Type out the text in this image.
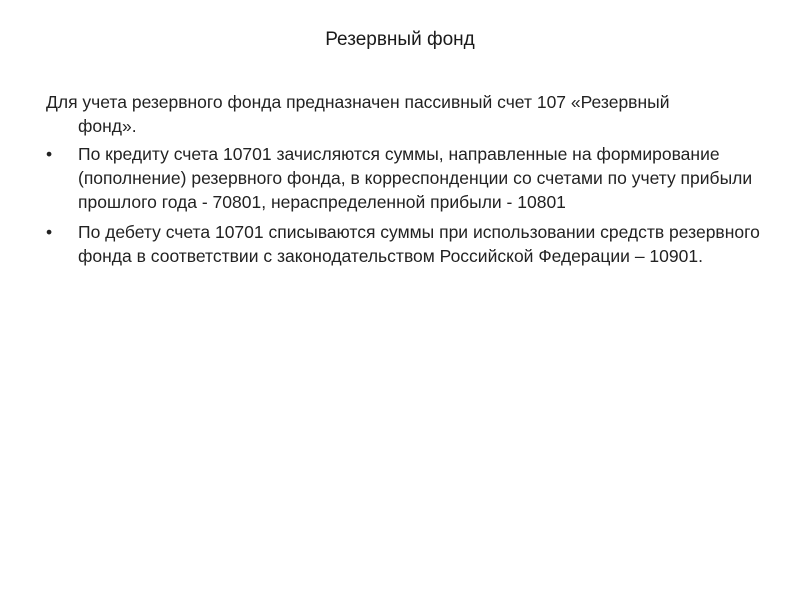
Резервный фонд

Для учета резервного фонда предназначен пассивный счет 107 «Резервный
фонд».

•	По кредиту счета 10701 зачисляются суммы, направленные на формирование (пополнение) резервного фонда, в корреспонденции со счетами по учету прибыли прошлого года - 70801, нераспределенной прибыли - 10801
•	По дебету счета 10701 списываются суммы при использовании средств резервного фонда в соответствии с законодательством Российской Федерации – 10901.
